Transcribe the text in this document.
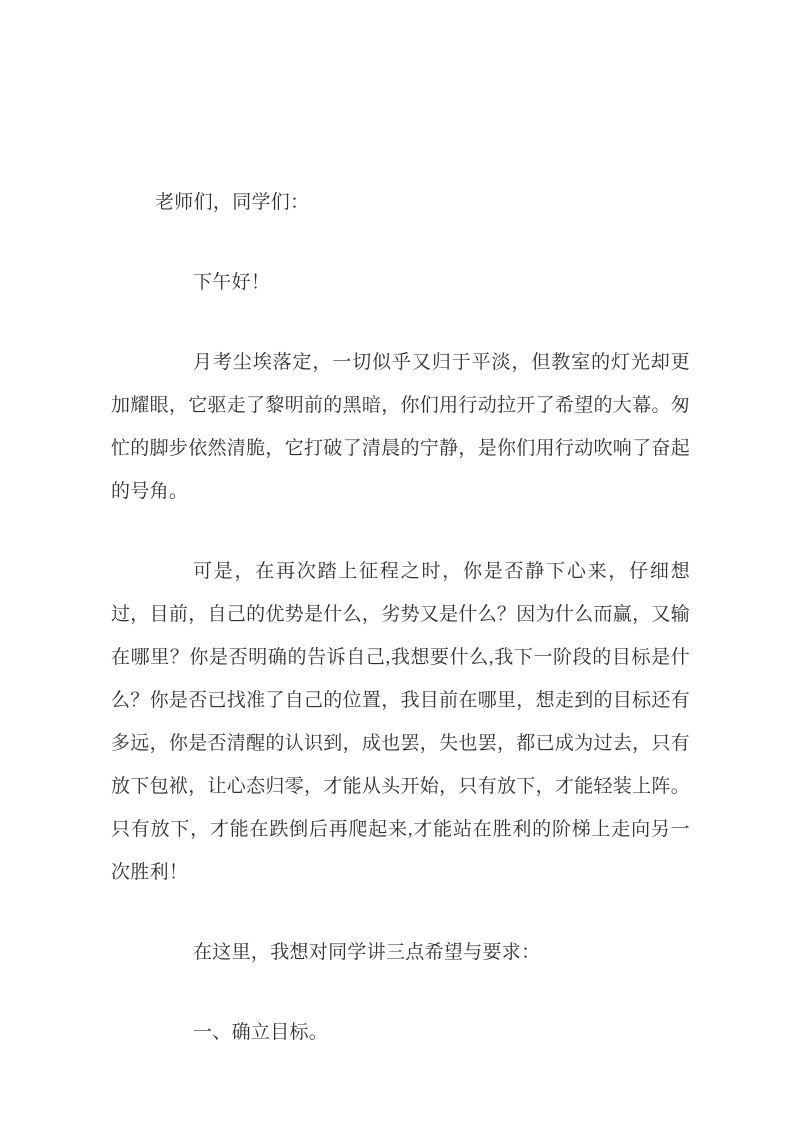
老师们，同学们：

下午好！

月考尘埃落定，一切似乎又归于平淡，但教室的灯光却更加耀眼，它驱走了黎明前的黑暗，你们用行动拉开了希望的大幕。匆忙的脚步依然清脆，它打破了清晨的宁静，是你们用行动吹响了奋起的号角。

可是，在再次踏上征程之时，你是否静下心来，仔细想过，目前，自己的优势是什么，劣势又是什么？因为什么而赢，又输在哪里？你是否明确的告诉自己,我想要什么,我下一阶段的目标是什么？你是否已找准了自己的位置，我目前在哪里，想走到的目标还有多远，你是否清醒的认识到，成也罢，失也罢，都已成为过去，只有放下包袱，让心态归零，才能从头开始，只有放下，才能轻装上阵。只有放下，才能在跌倒后再爬起来,才能站在胜利的阶梯上走向另一次胜利！

在这里，我想对同学讲三点希望与要求：

一、确立目标。
